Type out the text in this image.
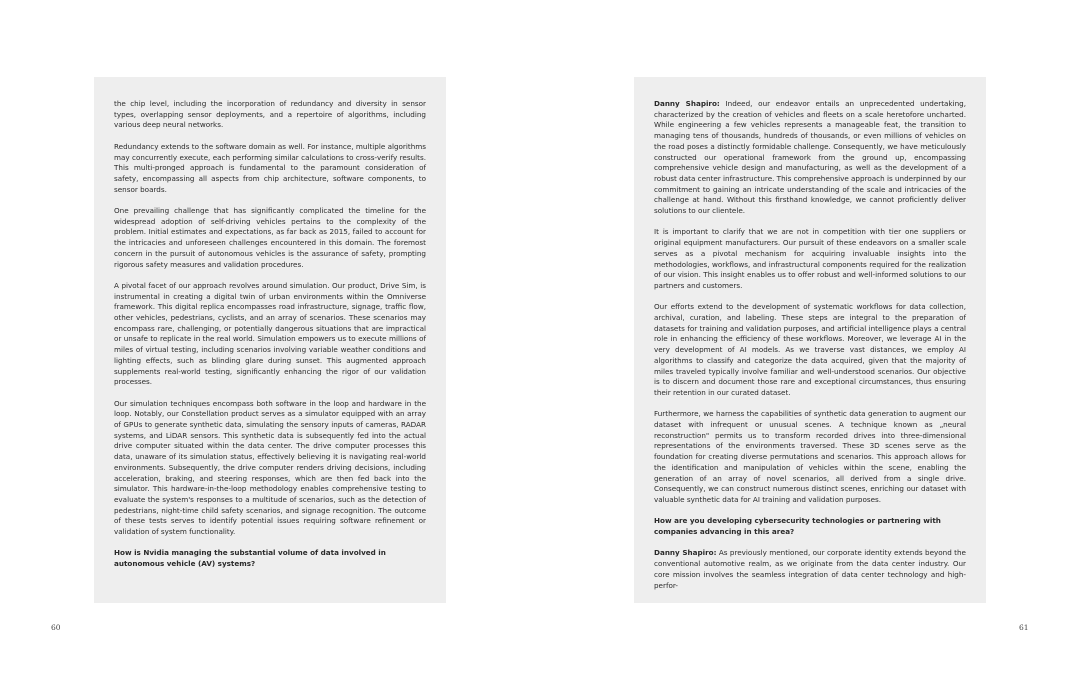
the chip level, including the incorporation of redundancy and diversity in sensor types, overlapping sensor deployments, and a repertoire of algorithms, including various deep neural networks.

Redundancy extends to the software domain as well. For instance, multiple algorithms may concurrently execute, each performing similar calculations to cross-verify results. This multi-pronged approach is fundamental to the paramount consideration of safety, encompassing all aspects from chip architecture, software components, to sensor boards.

One prevailing challenge that has significantly complicated the timeline for the widespread adoption of self-driving vehicles pertains to the complexity of the problem. Initial estimates and expectations, as far back as 2015, failed to account for the intricacies and unforeseen challenges encountered in this domain. The foremost concern in the pursuit of autonomous vehicles is the assurance of safety, prompting rigorous safety measures and validation procedures.

A pivotal facet of our approach revolves around simulation. Our product, Drive Sim, is instrumental in creating a digital twin of urban environments within the Omniverse framework. This digital replica encompasses road infrastructure, signage, traffic flow, other vehicles, pedestrians, cyclists, and an array of scenarios. These scenarios may encompass rare, challenging, or potentially dangerous situations that are impractical or unsafe to replicate in the real world. Simulation empowers us to execute millions of miles of virtual testing, including scenarios involving variable weather conditions and lighting effects, such as blinding glare during sunset. This augmented approach supplements real-world testing, significantly enhancing the rigor of our validation processes.

Our simulation techniques encompass both software in the loop and hardware in the loop. Notably, our Constellation product serves as a simulator equipped with an array of GPUs to generate synthetic data, simulating the sensory inputs of cameras, RADAR systems, and LiDAR sensors. This synthetic data is subsequently fed into the actual drive computer situated within the data center. The drive computer processes this data, unaware of its simulation status, effectively believing it is navigating real-world environments. Subsequently, the drive computer renders driving decisions, including acceleration, braking, and steering responses, which are then fed back into the simulator. This hardware-in-the-loop methodology enables comprehensive testing to evaluate the system's responses to a multitude of scenarios, such as the detection of pedestrians, night-time child safety scenarios, and signage recognition. The outcome of these tests serves to identify potential issues requiring software refinement or validation of system functionality.

How is Nvidia managing the substantial volume of data involved in autonomous vehicle (AV) systems?

Danny Shapiro: Indeed, our endeavor entails an unprecedented undertaking, characterized by the creation of vehicles and fleets on a scale heretofore uncharted. While engineering a few vehicles represents a manageable feat, the transition to managing tens of thousands, hundreds of thousands, or even millions of vehicles on the road poses a distinctly formidable challenge. Consequently, we have meticulously constructed our operational framework from the ground up, encompassing comprehensive vehicle design and manufacturing, as well as the development of a robust data center infrastructure. This comprehensive approach is underpinned by our commitment to gaining an intricate understanding of the scale and intricacies of the challenge at hand. Without this firsthand knowledge, we cannot proficiently deliver solutions to our clientele.

It is important to clarify that we are not in competition with tier one suppliers or original equipment manufacturers. Our pursuit of these endeavors on a smaller scale serves as a pivotal mechanism for acquiring invaluable insights into the methodologies, workflows, and infrastructural components required for the realization of our vision. This insight enables us to offer robust and well-informed solutions to our partners and customers.

Our efforts extend to the development of systematic workflows for data collection, archival, curation, and labeling. These steps are integral to the preparation of datasets for training and validation purposes, and artificial intelligence plays a central role in enhancing the efficiency of these workflows. Moreover, we leverage AI in the very development of AI models. As we traverse vast distances, we employ AI algorithms to classify and categorize the data acquired, given that the majority of miles traveled typically involve familiar and well-understood scenarios. Our objective is to discern and document those rare and exceptional circumstances, thus ensuring their retention in our curated dataset.

Furthermore, we harness the capabilities of synthetic data generation to augment our dataset with infrequent or unusual scenes. A technique known as „neural reconstruction" permits us to transform recorded drives into three-dimensional representations of the environments traversed. These 3D scenes serve as the foundation for creating diverse permutations and scenarios. This approach allows for the identification and manipulation of vehicles within the scene, enabling the generation of an array of novel scenarios, all derived from a single drive. Consequently, we can construct numerous distinct scenes, enriching our dataset with valuable synthetic data for AI training and validation purposes.

How are you developing cybersecurity technologies or partnering with companies advancing in this area?

Danny Shapiro: As previously mentioned, our corporate identity extends beyond the conventional automotive realm, as we originate from the data center industry. Our core mission involves the seamless integration of data center technology and high-perfor-

60	61
